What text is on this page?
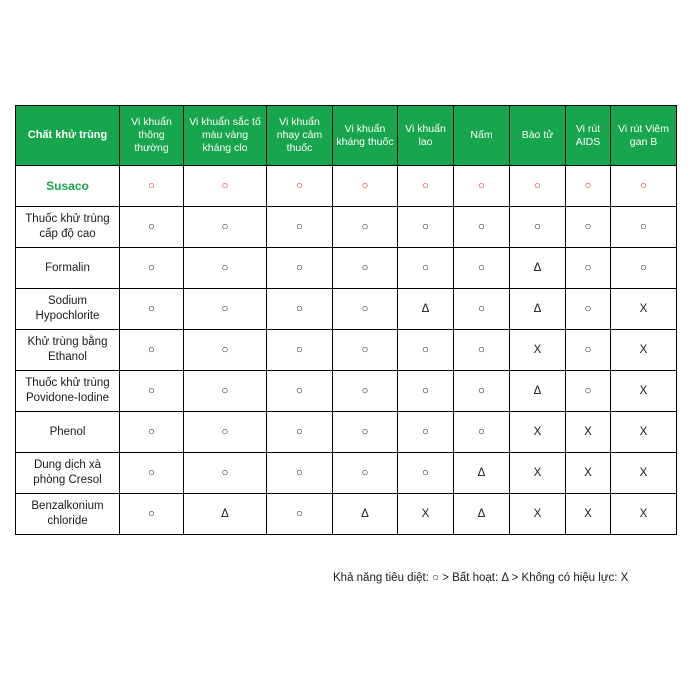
Chất khử trùng	Vi khuẩn thông thường	Vi khuẩn sắc tố màu vàng kháng clo	Vi khuẩn nhạy cảm thuốc	Vi khuẩn kháng thuốc	Vi khuẩn lao	Nấm	Bào tử	Vi rút AIDS	Vi rút Viêm gan B
Susaco	○	○	○	○	○	○	○	○	○
Thuốc khử trùng cấp độ cao	○	○	○	○	○	○	○	○	○
Formalin	○	○	○	○	○	○	Δ	○	○
Sodium Hypochlorite	○	○	○	○	Δ	○	Δ	○	X
Khử trùng bằng Ethanol	○	○	○	○	○	○	X	○	X
Thuốc khử trùng Povidone-Iodine	○	○	○	○	○	○	Δ	○	X
Phenol	○	○	○	○	○	○	X	X	X
Dung dịch xà phòng Cresol	○	○	○	○	○	Δ	X	X	X
Benzalkonium chloride	○	Δ	○	Δ	X	Δ	X	X	X
Khả năng tiêu diệt: ○ > Bất hoạt: Δ > Không có hiệu lực: X
